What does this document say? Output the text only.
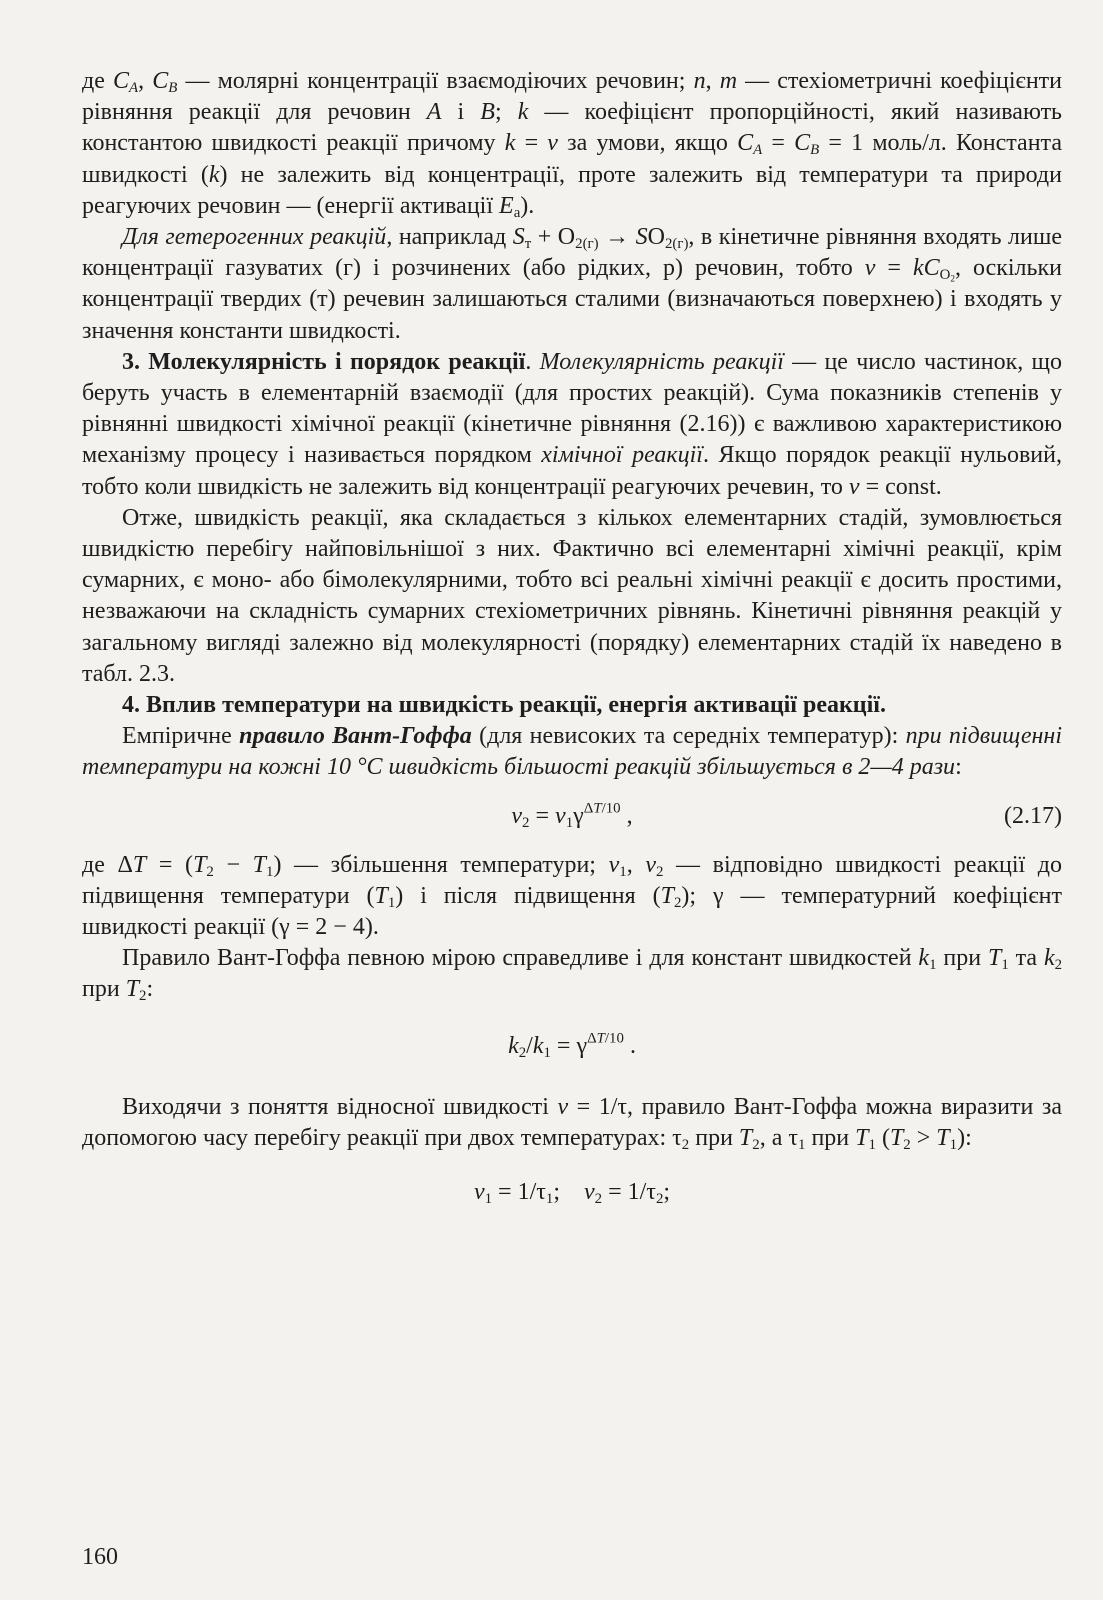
де $C_A$, $C_B$ — молярні концентрації взаємодіючих речовин; n, m — стехіометричні коефіцієнти рівняння реакції для речовин A і B; k — коефіцієнт пропорційності, який називають константою швидкості реакції причому k = v за умови, якщо $C_A = C_B = 1$ моль/л. Константа швидкості (k) не залежить від концентрації, проте залежить від температури та природи реагуючих речовин — (енергії активації $E_a$).

Для гетерогенних реакцій, наприклад $S_т + O_{2(г)} \to SO_{2(г)}$, в кінетичне рівняння входять лише концентрації газуватих (г) і розчинених (або рідких, р) речовин, тобто $v = kC_{O_2}$, оскільки концентрації твердих (т) речевин залишаються сталими (визначаються поверхнею) і входять у значення константи швидкості.

3. Молекулярність і порядок реакції. Молекулярність реакції — це число частинок, що беруть участь в елементарній взаємодії (для простих реакцій). Сума показників степенів у рівнянні швидкості хімічної реакції (кінетичне рівняння (2.16)) є важливою характеристикою механізму процесу і називається порядком хімічної реакції. Якщо порядок реакції нульовий, тобто коли швидкість не залежить від концентрації реагуючих речевин, то v = const.

Отже, швидкість реакції, яка складається з кількох елементарних стадій, зумовлюється швидкістю перебігу найповільнішої з них. Фактично всі елементарні хімічні реакції, крім сумарних, є моно- або бімолекулярними, тобто всі реальні хімічні реакції є досить простими, незважаючи на складність сумарних стехіометричних рівнянь. Кінетичні рівняння реакцій у загальному вигляді залежно від молекулярності (порядку) елементарних стадій їх наведено в табл. 2.3.

4. Вплив температури на швидкість реакції, енергія активації реакції.

Емпіричне правило Вант-Гоффа (для невисоких та середніх температур): при підвищенні температури на кожні 10 °C швидкість більшості реакцій збільшується в 2—4 рази:

$v_2 = v_1\gamma^{\Delta T/10}$ ,	(2.17)

де $\Delta T = (T_2 - T_1)$ — збільшення температури; $v_1$, $v_2$ — відповідно швидкості реакції до підвищення температури $(T_1)$ і після підвищення $(T_2)$; γ — температурний коефіцієнт швидкості реакції (γ = 2 − 4).

Правило Вант-Гоффа певною мірою справедливе і для констант швидкостей $k_1$ при $T_1$ та $k_2$ при $T_2$:

$k_2/k_1 = \gamma^{\Delta T/10}$ .

Виходячи з поняття відносної швидкості v = 1/τ, правило Вант-Гоффа можна виразити за допомогою часу перебігу реакції при двох температурах: $\tau_2$ при $T_2$, а $\tau_1$ при $T_1$ $(T_2 > T_1)$:

$v_1 = 1/\tau_1$;    $v_2 = 1/\tau_2$;
160
